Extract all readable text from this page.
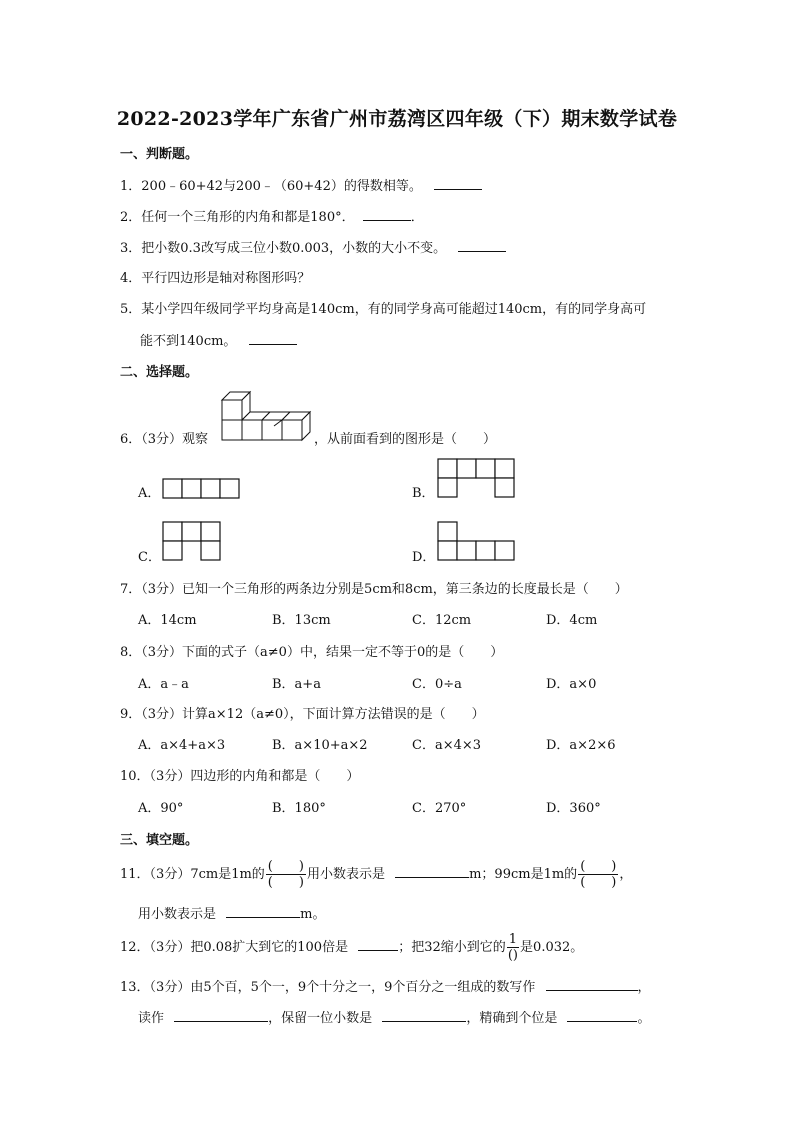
2022-2023学年广东省广州市荔湾区四年级（下）期末数学试卷
一、判断题。
1．200﹣60+42与200﹣（60+42）的得数相等。
2．任何一个三角形的内角和都是180°．	．
3．把小数0.3改写成三位小数0.003，小数的大小不变。
4．平行四边形是轴对称图形吗？
5．某小学四年级同学平均身高是140cm，有的同学身高可能超过140cm，有的同学身高可
能不到140cm。
二、选择题。
6．（3分）观察	，从前面看到的图形是（　　）
A．	B．
C．	D．
7．（3分）已知一个三角形的两条边分别是5cm和8cm，第三条边的长度最长是（　　）
A．14cm	B．13cm	C．12cm	D．4cm
8．（3分）下面的式子（a≠0）中，结果一定不等于0的是（　　）
A．a﹣a	B．a+a	C．0÷a	D．a×0
9．（3分）计算a×12（a≠0），下面计算方法错误的是（　　）
A．a×4+a×3	B．a×10+a×2	C．a×4×3	D．a×2×6
10．（3分）四边形的内角和都是（　　）
A．90°	B．180°	C．270°	D．360°
三、填空题。
11．（3分）7cm是1m的 $\frac{( )}{( )}$ 用小数表示是	m；99cm是1m的 $\frac{( )}{( )}$ ，
用小数表示是	m。
12．（3分）把0.08扩大到它的100倍是	；把32缩小到它的 $\frac{1}{()}$ 是0.032。
13．（3分）由5个百，5个一，9个十分之一，9个百分之一组成的数写作	，
读作	，保留一位小数是	，精确到个位是	。
